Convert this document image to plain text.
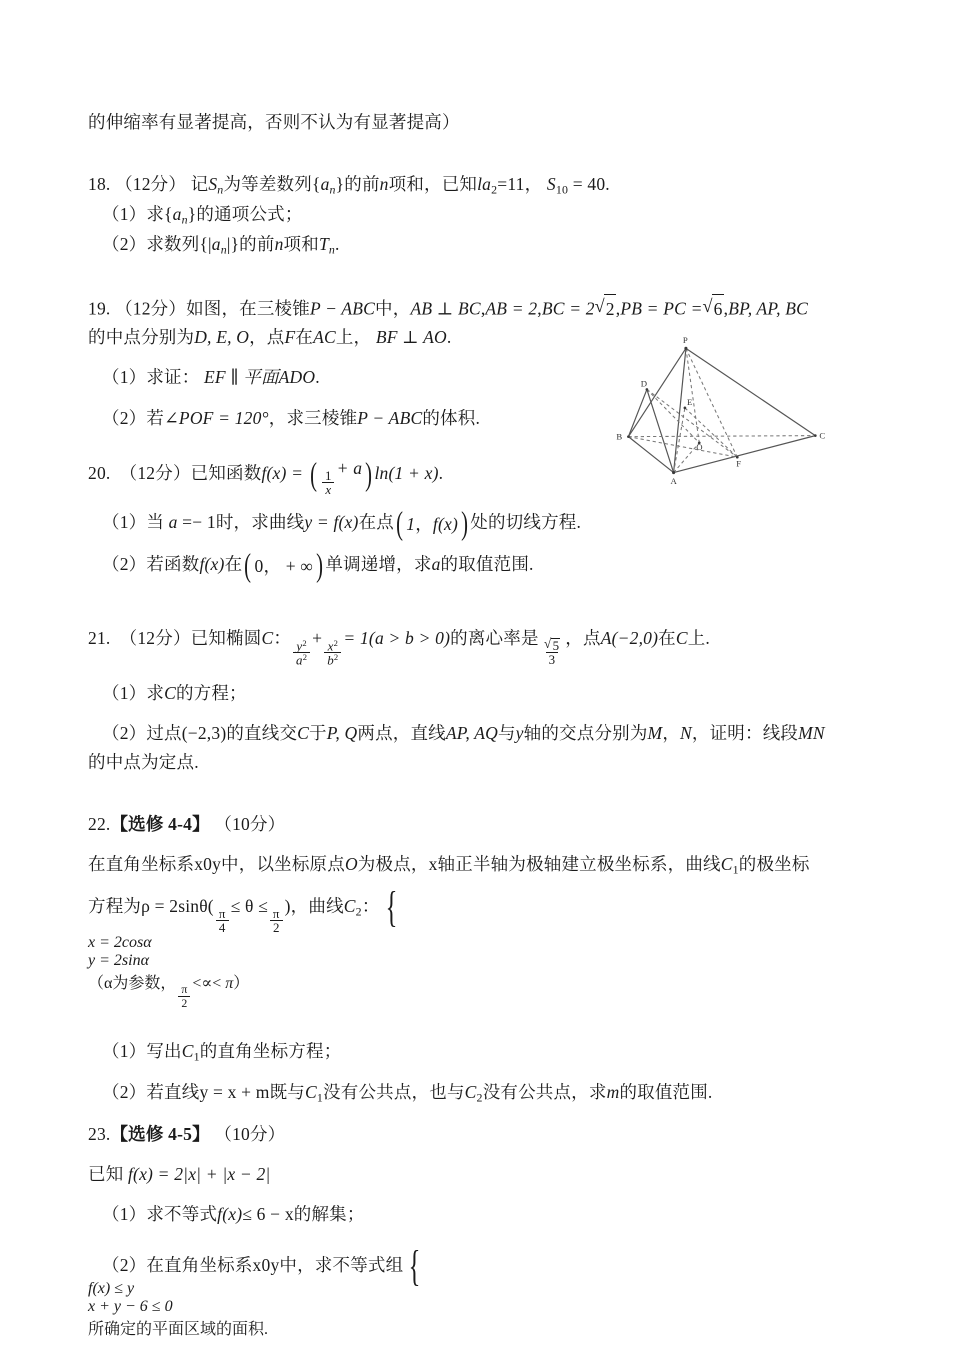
的伸缩率有显著提高，否则不认为有显著提高）

18. （12分） 记$S_n$为等差数列$\{a_n\}$的前n项和，已知$la_2=11$， $S_{10} = 40$.

（1）求$\{a_n\}$的通项公式；

（2）求数列$\{|a_n|\}$的前n项和$T_n$.

19. （12分）如图，在三棱锥P − ABC中，AB ⊥ BC,AB = 2,BC = 2 √ 2,PB = PC = √ 6,BP, AP, BC

的中点分别为D, E, O，点F在AC上， BF ⊥ AO.

（1）求证： EF ∥ 平面ADO.

（2）若∠POF = 120°，求三棱锥P − ABC的体积.

20. （12分）已知函数f(x) = ( $\frac{1}{x}$
+ a ) ln(1 + x).

（1）当 a =− 1时，求曲线y = f(x)在点 ( 1，f(x) ) 处的切线方程.

（2）若函数f(x)在 ( 0， + ∞ ) 单调递增，求a的取值范围.

21. （12分）已知椭圆C：
$\frac{y^2}{a^2}$
+
$\frac{x^2}{b^2}$
= 1(a > b > 0)的离心率是 √ $\frac{5}{3}$ ，点A(−2,0)在C上.

（1）求C的方程；

（2）过点(−2,3)的直线交C于P, Q两点，直线AP, AQ与y轴的交点分别为M，N，证明：线段MN
的中点为定点.

22.【选修 4-4】 （10分）

在直角坐标系x0y中，以坐标原点O为极点，x轴正半轴为极轴建立极坐标系，曲线$C_1$的极坐标

方程为ρ = 2sinθ(
$\frac{\pi}{4}$
≤ θ ≤
$\frac{\pi}{2}$
)，曲线$C_2$： {

x = 2cosα
y = 2sinα
（α为参数， $\frac{\pi}{2}$ <∝< π）

（1）写出$C_1$的直角坐标方程；

（2）若直线y = x + m既与$C_1$没有公共点，也与$C_2$没有公共点，求m的取值范围.

23.【选修 4-5】 （10分）

已知 f(x) = 2|x| + |x − 2|

（1）求不等式f(x)≤ 6 − x的解集；

（2）在直角坐标系x0y中，求不等式组 {

f(x) ≤ y
x + y − 6 ≤ 0
所确定的平面区域的面积.

P
D
E
B
O
C
F
A
